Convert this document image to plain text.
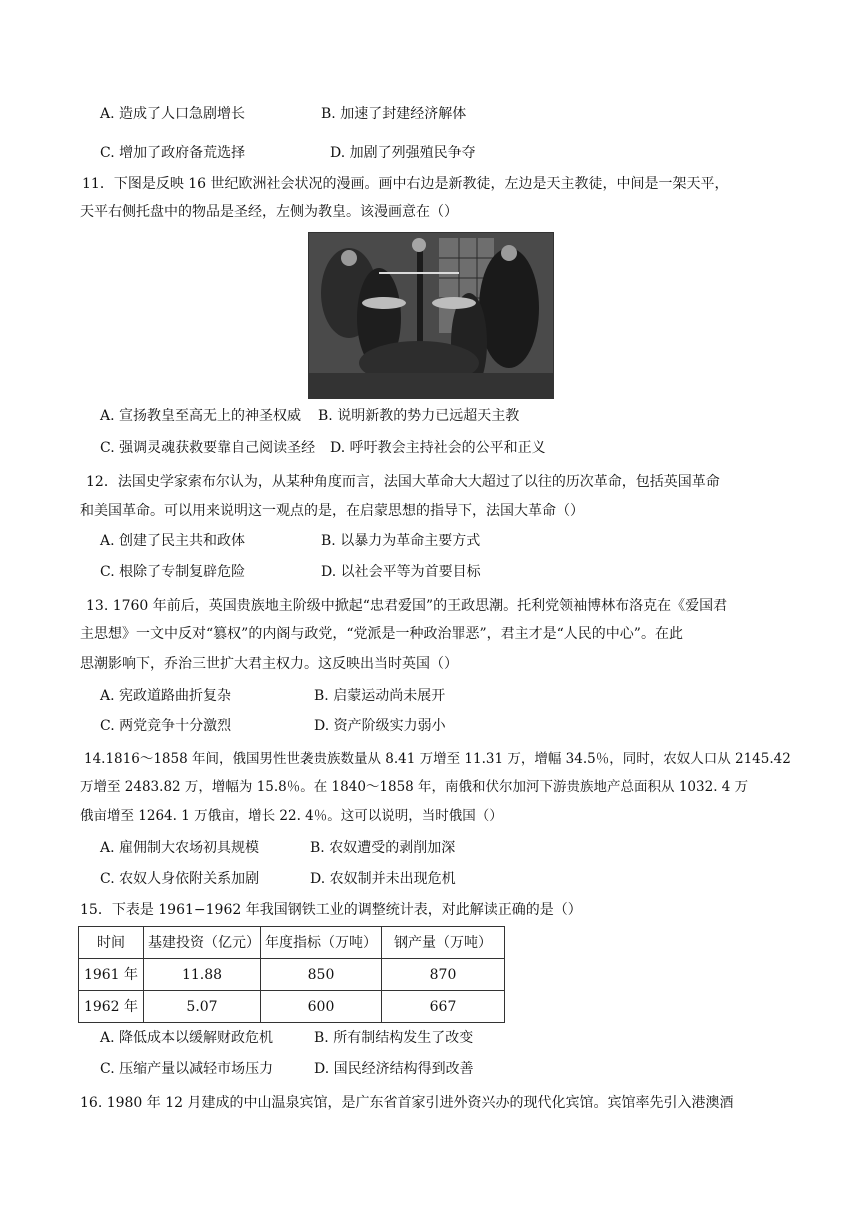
A. 造成了人口急剧增长	B. 加速了封建经济解体
C. 增加了政府备荒选择	D. 加剧了列强殖民争夺
11．下图是反映 16 世纪欧洲社会状况的漫画。画中右边是新教徒，左边是天主教徒，中间是一架天平，
天平右侧托盘中的物品是圣经，左侧为教皇。该漫画意在（）
A. 宣扬教皇至高无上的神圣权威 B. 说明新教的势力已远超天主教
C. 强调灵魂获救要靠自己阅读圣经 D. 呼吁教会主持社会的公平和正义
12．法国史学家索布尔认为，从某种角度而言，法国大革命大大超过了以往的历次革命，包括英国革命
和美国革命。可以用来说明这一观点的是，在启蒙思想的指导下，法国大革命（）
A. 创建了民主共和政体	B. 以暴力为革命主要方式
C. 根除了专制复辟危险	D. 以社会平等为首要目标
13. 1760 年前后，英国贵族地主阶级中掀起“忠君爱国”的王政思潮。托利党领袖博林布洛克在《爱国君
主思想》一文中反对“篡权”的内阁与政党，“党派是一种政治罪恶”，君主才是“人民的中心”。在此
思潮影响下，乔治三世扩大君主权力。这反映出当时英国（）
A. 宪政道路曲折复杂	B. 启蒙运动尚未展开
C. 两党竞争十分激烈	D. 资产阶级实力弱小
14.1816～1858 年间，俄国男性世袭贵族数量从 8.41 万增至 11.31 万，增幅 34.5％，同时，农奴人口从 2145.42
万增至 2483.82 万，增幅为 15.8％。在 1840～1858 年，南俄和伏尔加河下游贵族地产总面积从 1032. 4 万
俄亩增至 1264. 1 万俄亩，增长 22. 4％。这可以说明，当时俄国（）
A. 雇佣制大农场初具规模	B. 农奴遭受的剥削加深
C. 农奴人身依附关系加剧	D. 农奴制并未出现危机
15．下表是 1961−1962 年我国钢铁工业的调整统计表，对此解读正确的是（）
时间	基建投资（亿元）	年度指标（万吨）	钢产量（万吨）
1961 年	11.88	850	870
1962 年	5.07	600	667
A. 降低成本以缓解财政危机	B. 所有制结构发生了改变
C. 压缩产量以减轻市场压力	D. 国民经济结构得到改善
16. 1980 年 12 月建成的中山温泉宾馆，是广东省首家引进外资兴办的现代化宾馆。宾馆率先引入港澳酒
